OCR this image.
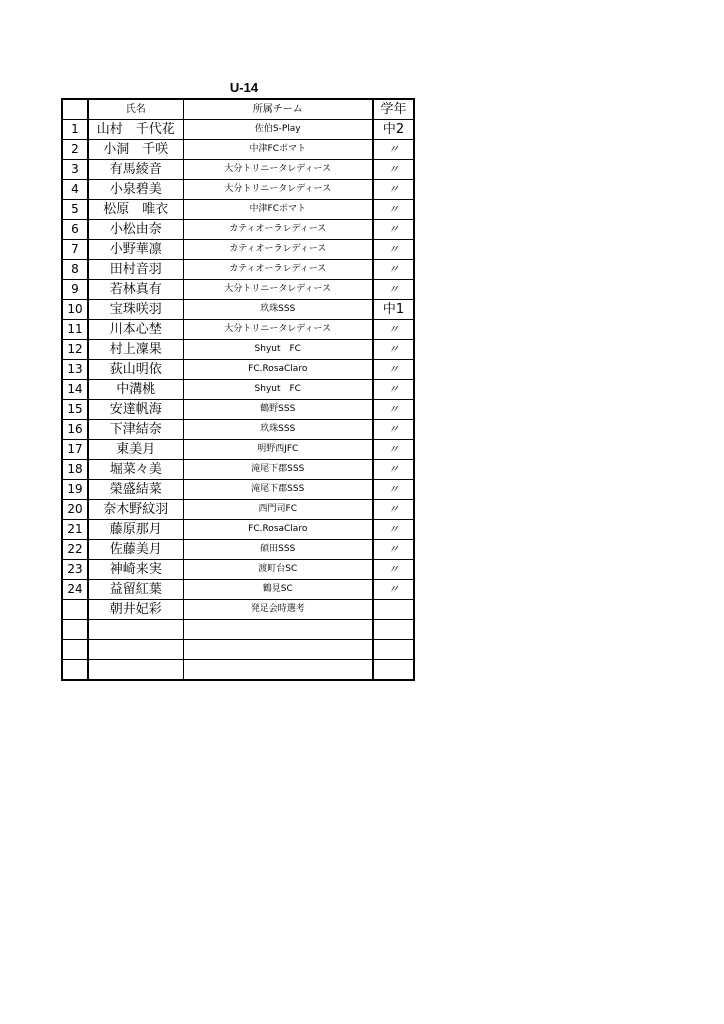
U-14
	氏名	所属チーム	学年
1	山村　千代花	佐伯S-Play	中2
2	小洞　千咲	中津FCポマト	〃
3	有馬綾音	大分トリニータレディース	〃
4	小泉碧美	大分トリニータレディース	〃
5	松原　唯衣	中津FCポマト	〃
6	小松由奈	カティオーラレディース	〃
7	小野華凛	カティオーラレディース	〃
8	田村音羽	カティオーラレディース	〃
9	若林真有	大分トリニータレディース	〃
10	宝珠咲羽	玖珠SSS	中1
11	川本心埜	大分トリニータレディース	〃
12	村上凜果	Shyut　FC	〃
13	荻山明依	FC.RosaClaro	〃
14	中溝桃	Shyut　FC	〃
15	安達帆海	鶴野SSS	〃
16	下津結奈	玖珠SSS	〃
17	東美月	明野西JFC	〃
18	堀菜々美	滝尾下郡SSS	〃
19	榮盛結菜	滝尾下郡SSS	〃
20	奈木野紋羽	西門司FC	〃
21	藤原那月	FC.RosaClaro	〃
22	佐藤美月	碩田SSS	〃
23	神崎来実	渡町台SC	〃
24	益留紅葉	鶴見SC	〃
	朝井妃彩	発足会時選考	
